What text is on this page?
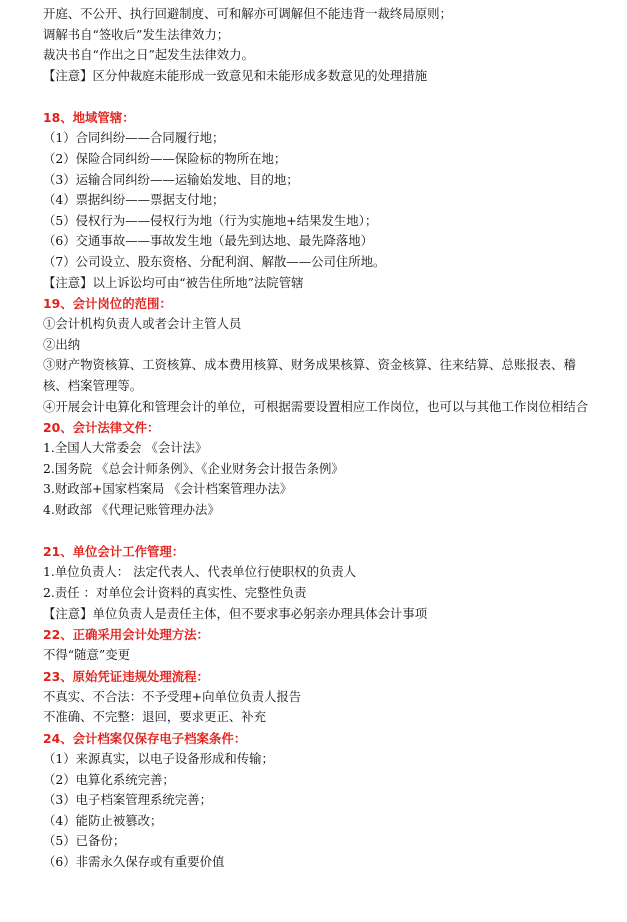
开庭、不公开、执行回避制度、可和解亦可调解但不能违背一裁终局原则；
调解书自“签收后”发生法律效力；
裁决书自“作出之日”起发生法律效力。
【注意】区分仲裁庭未能形成一致意见和未能形成多数意见的处理措施
18、地域管辖：
（1）合同纠纷——合同履行地；
（2）保险合同纠纷——保险标的物所在地；
（3）运输合同纠纷——运输始发地、目的地；
（4）票据纠纷——票据支付地；
（5）侵权行为——侵权行为地（行为实施地+结果发生地）；
（6）交通事故——事故发生地（最先到达地、最先降落地）
（7）公司设立、股东资格、分配利润、解散——公司住所地。
【注意】以上诉讼均可由“被告住所地”法院管辖
19、会计岗位的范围：
①会计机构负责人或者会计主管人员
②出纳
③财产物资核算、工资核算、成本费用核算、财务成果核算、资金核算、往来结算、总账报表、稽核、档案管理等。
④开展会计电算化和管理会计的单位，可根据需要设置相应工作岗位，也可以与其他工作岗位相结合
20、会计法律文件：
1.全国人大常委会 《会计法》
2.国务院 《总会计师条例》、《企业财务会计报告条例》
3.财政部+国家档案局 《会计档案管理办法》
4.财政部 《代理记账管理办法》
21、单位会计工作管理：
1.单位负责人： 法定代表人、代表单位行使职权的负责人
2.责任 ：对单位会计资料的真实性、完整性负责
【注意】单位负责人是责任主体，但不要求事必躬亲办理具体会计事项
22、正确采用会计处理方法：
不得“随意”变更
23、原始凭证违规处理流程：
不真实、不合法：不予受理+向单位负责人报告
不准确、不完整：退回，要求更正、补充
24、会计档案仅保存电子档案条件：
（1）来源真实，以电子设备形成和传输；
（2）电算化系统完善；
（3）电子档案管理系统完善；
（4）能防止被篡改；
（5）已备份；
（6）非需永久保存或有重要价值
